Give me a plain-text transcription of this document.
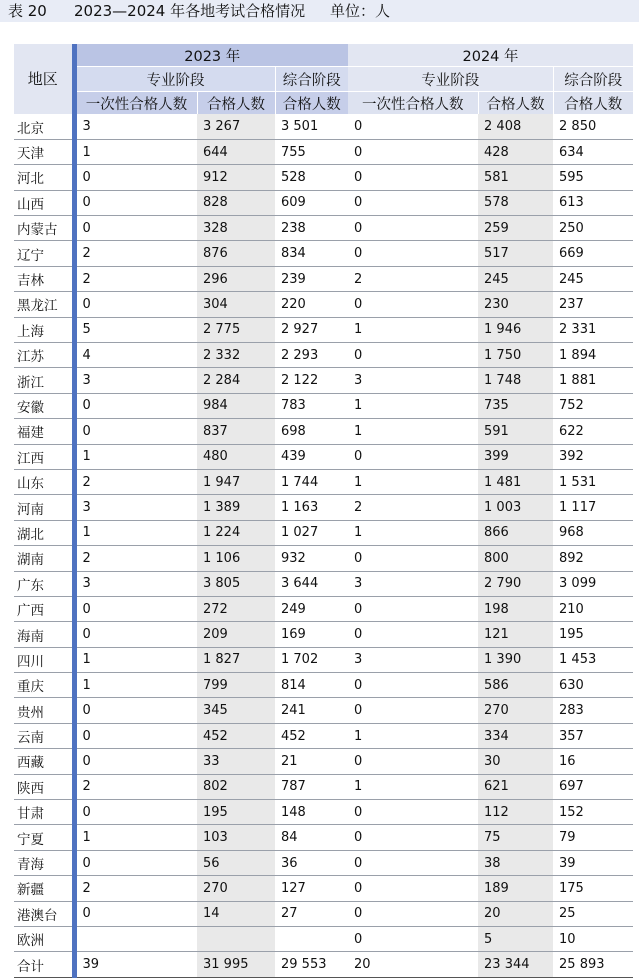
表 20 2023—2024 年各地考试合格情况 单位：人
地区	2023 年			2024 年		
	专业阶段		综合阶段	专业阶段		综合阶段
	一次性合格人数	合格人数	合格人数	一次性合格人数	合格人数	合格人数
北京	3	3 267	3 501	0	2 408	2 850
天津	1	644	755	0	428	634
河北	0	912	528	0	581	595
山西	0	828	609	0	578	613
内蒙古	0	328	238	0	259	250
辽宁	2	876	834	0	517	669
吉林	2	296	239	2	245	245
黑龙江	0	304	220	0	230	237
上海	5	2 775	2 927	1	1 946	2 331
江苏	4	2 332	2 293	0	1 750	1 894
浙江	3	2 284	2 122	3	1 748	1 881
安徽	0	984	783	1	735	752
福建	0	837	698	1	591	622
江西	1	480	439	0	399	392
山东	2	1 947	1 744	1	1 481	1 531
河南	3	1 389	1 163	2	1 003	1 117
湖北	1	1 224	1 027	1	866	968
湖南	2	1 106	932	0	800	892
广东	3	3 805	3 644	3	2 790	3 099
广西	0	272	249	0	198	210
海南	0	209	169	0	121	195
四川	1	1 827	1 702	3	1 390	1 453
重庆	1	799	814	0	586	630
贵州	0	345	241	0	270	283
云南	0	452	452	1	334	357
西藏	0	33	21	0	30	16
陕西	2	802	787	1	621	697
甘肃	0	195	148	0	112	152
宁夏	1	103	84	0	75	79
青海	0	56	36	0	38	39
新疆	2	270	127	0	189	175
港澳台	0	14	27	0	20	25
欧洲				0	5	10
合计	39	31 995	29 553	20	23 344	25 893
